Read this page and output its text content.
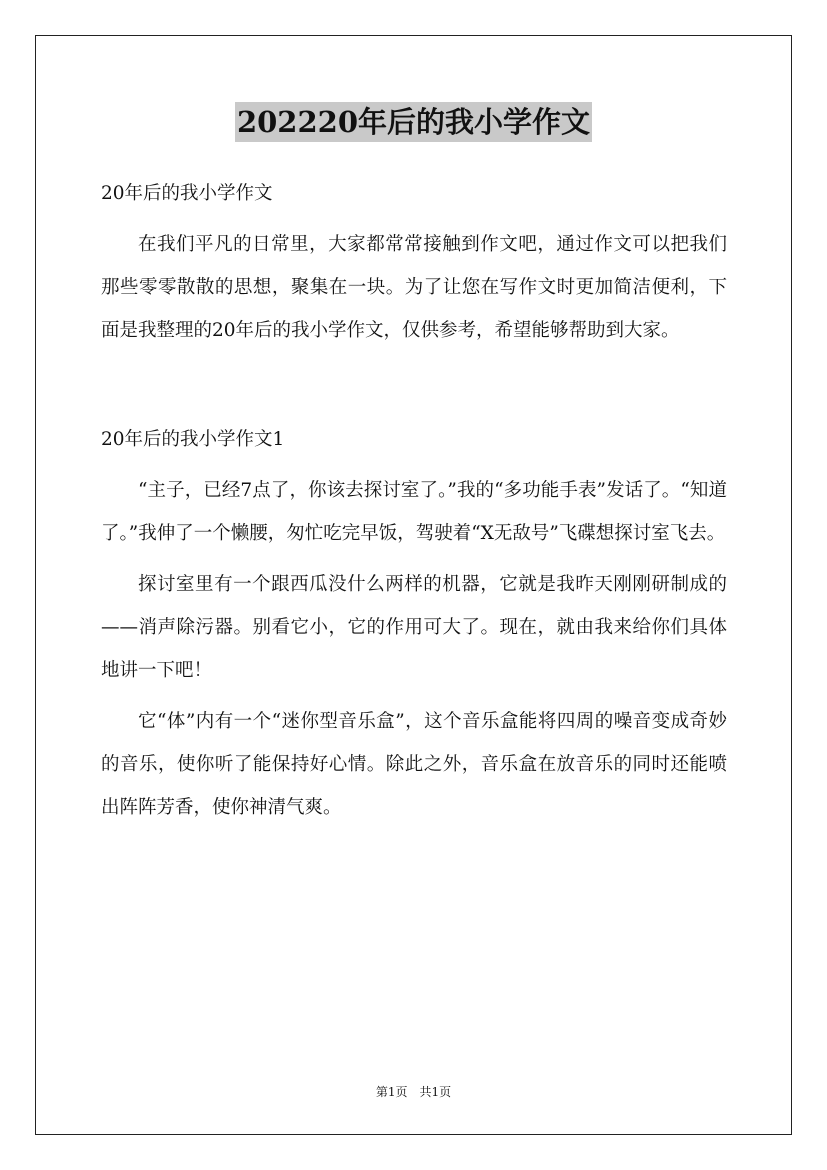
202220年后的我小学作文

20年后的我小学作文

在我们平凡的日常里，大家都常常接触到作文吧，通过作文可以把我们那些零零散散的思想，聚集在一块。为了让您在写作文时更加简洁便利，下面是我整理的20年后的我小学作文，仅供参考，希望能够帮助到大家。

20年后的我小学作文1

“主子，已经7点了，你该去探讨室了。”我的“多功能手表”发话了。“知道了。”我伸了一个懒腰，匆忙吃完早饭，驾驶着“X无敌号”飞碟想探讨室飞去。

探讨室里有一个跟西瓜没什么两样的机器，它就是我昨天刚刚研制成的——消声除污器。别看它小，它的作用可大了。现在，就由我来给你们具体地讲一下吧！

它“体”内有一个“迷你型音乐盒”，这个音乐盒能将四周的噪音变成奇妙的音乐，使你听了能保持好心情。除此之外，音乐盒在放音乐的同时还能喷出阵阵芳香，使你神清气爽。

第1页　共1页
